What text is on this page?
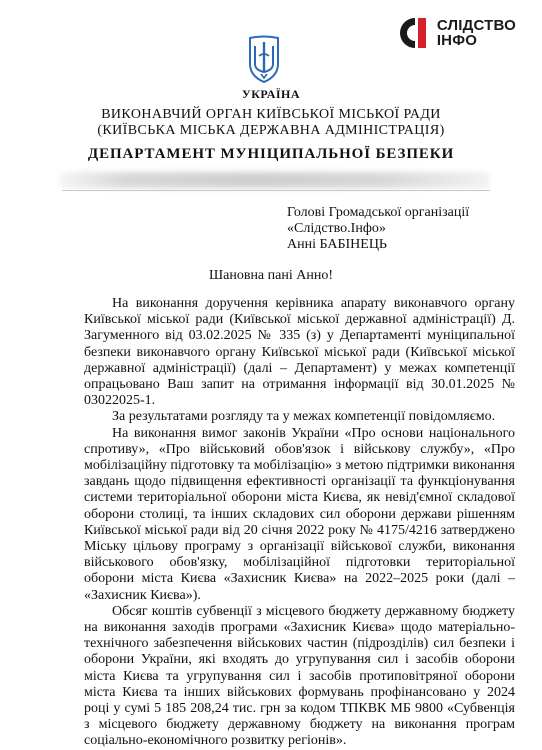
СЛІДСТВО
ІНФО
УКРАЇНА
ВИКОНАВЧИЙ ОРГАН КИЇВСЬКОЇ МІСЬКОЇ РАДИ
(КИЇВСЬКА МІСЬКА ДЕРЖАВНА АДМІНІСТРАЦІЯ)
ДЕПАРТАМЕНТ МУНІЦИПАЛЬНОЇ БЕЗПЕКИ
Голові Громадської організації
«Слідство.Інфо»
Анні БАБІНЕЦЬ
Шановна пані Анно!

На виконання доручення керівника апарату виконавчого органу Київської міської ради (Київської міської державної адміністрації) Д. Загуменного від 03.02.2025 № 335 (з) у Департаменті муніципальної безпеки виконавчого органу Київської міської ради (Київської міської державної адміністрації) (далі – Департамент) у межах компетенції опрацьовано Ваш запит на отримання інформації від 30.01.2025 № 03022025-1.

За результатами розгляду та у межах компетенції повідомляємо.

На виконання вимог законів України «Про основи національного спротиву», «Про військовий обов'язок і військову службу», «Про мобілізаційну підготовку та мобілізацію» з метою підтримки виконання завдань щодо підвищення ефективності організації та функціонування системи територіальної оборони міста Києва, як невід'ємної складової оборони столиці, та інших складових сил оборони держави рішенням Київської міської ради від 20 січня 2022 року № 4175/4216 затверджено Міську цільову програму з організації військової служби, виконання військового обов'язку, мобілізаційної підготовки територіальної оборони міста Києва «Захисник Києва» на 2022–2025 роки (далі – «Захисник Києва»).

Обсяг коштів субвенції з місцевого бюджету державному бюджету на виконання заходів програми «Захисник Києва» щодо матеріально-технічного забезпечення військових частин (підрозділів) сил безпеки і оборони України, які входять до угрупування сил і засобів оборони міста Києва та угрупування сил і засобів протиповітряної оборони міста Києва та інших військових формувань профінансовано у 2024 році у сумі 5 185 208,24 тис. грн за кодом ТПКВК МБ 9800 «Субвенція з місцевого бюджету державному бюджету на виконання програм соціально-економічного розвитку регіонів».
